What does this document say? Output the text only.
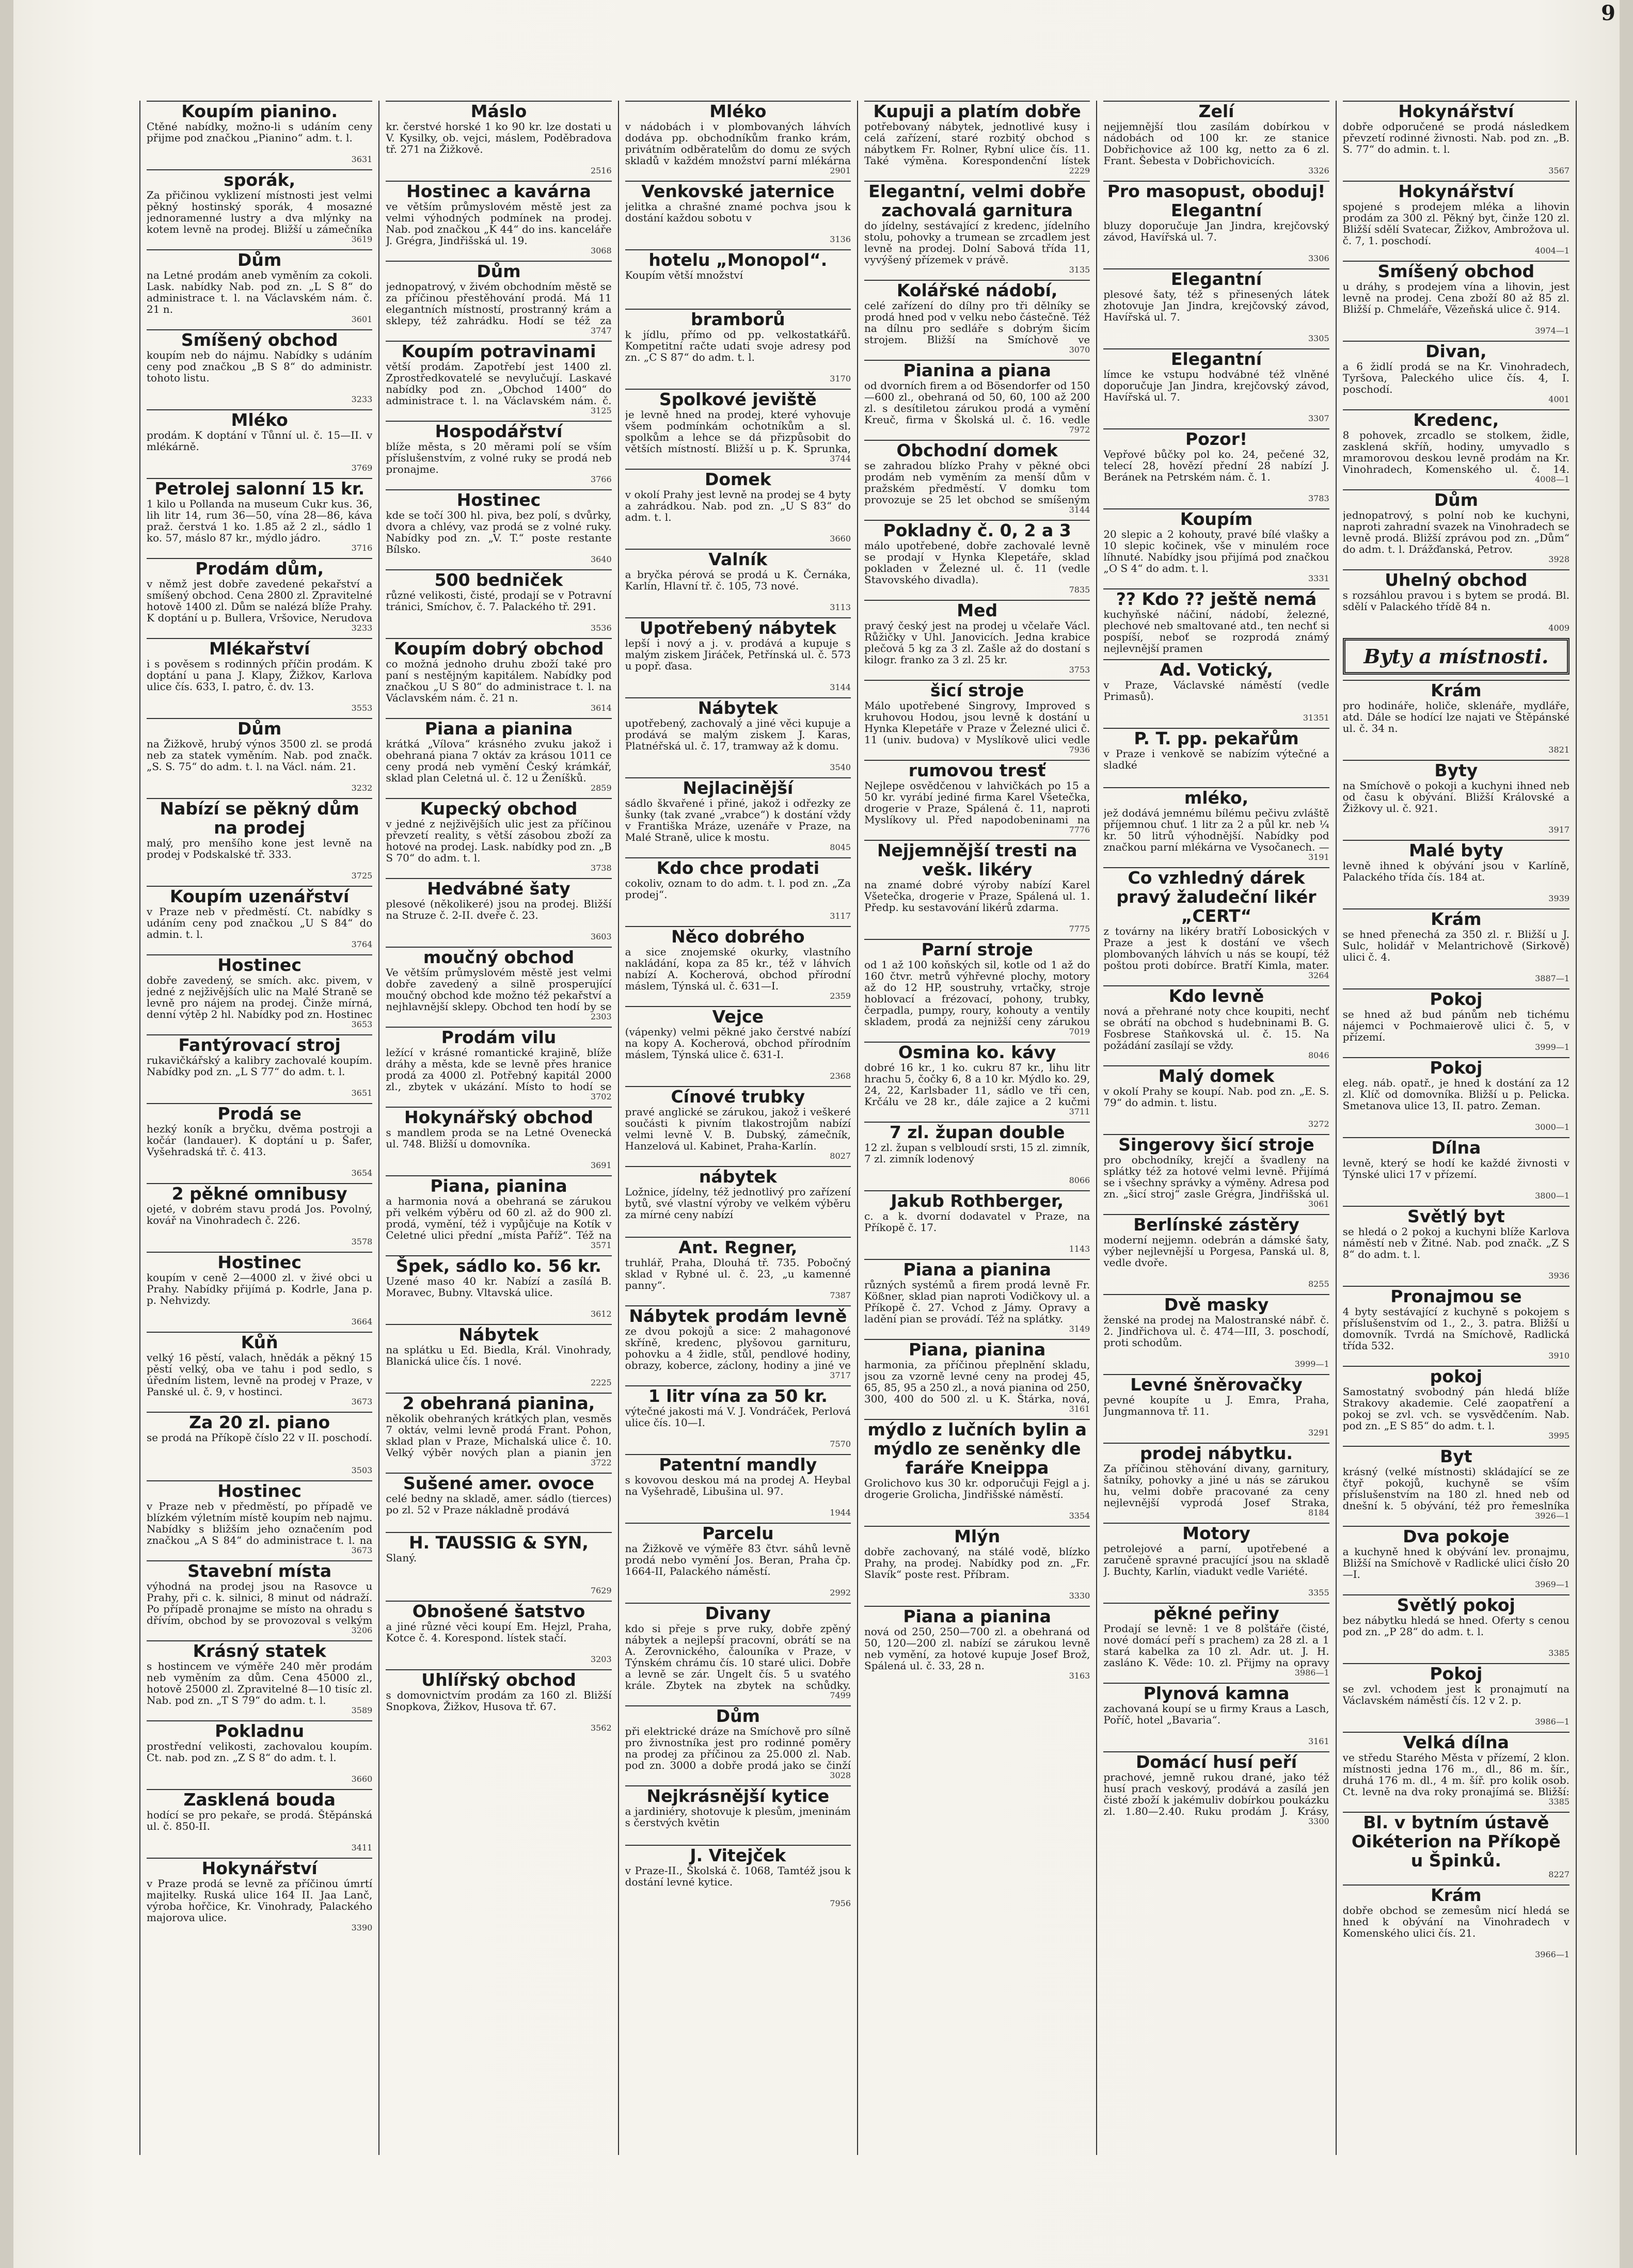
9
Koupím pianino.
Ctěné nabídky, možno-li s udáním ceny přijme pod značkou „Pianino“ adm. t. l.
3631
sporák,
Za přičinou vyklizení místnosti jest velmi pěkný hostinský sporák, 4 mosazné jednoramenné lustry a dva mlýnky na kotem levně na prodej. Bližší u zámečníka
3619
Dům
na Letné prodám aneb vyměním za cokoli. Lask. nabídky Nab. pod zn. „L S 8“ do administrace t. l. na Václavském nám. č. 21 n.
3601
Smíšený obchod
koupím neb do nájmu. Nabídky s udáním ceny pod značkou „B S 8“ do administr. tohoto listu.
3233
Mléko
prodám. K doptání v Tůnní ul. č. 15—II. v mlékárně.
3769
Petrolej salonní 15 kr.
1 kilo u Pollanda na museum Cukr kus. 36, lih litr 14, rum 36—50, vína 28—86, káva praž. čerstvá 1 ko. 1.85 až 2 zl., sádlo 1 ko. 57, máslo 87 kr., mýdlo jádro.
3716
Prodám dům,
v němž jest dobře zavedené pekařství a smíšený obchod. Cena 2800 zl. Zpravitelné hotově 1400 zl. Dům se nalézá blíže Prahy. K doptání u p. Bullera, Vršovice, Nerudova
3233
Mlékařství
i s pověsem s rodinných příčin prodám. K doptání u pana J. Klapy, Žižkov, Karlova ulice čís. 633, I. patro, č. dv. 13.
3553
Dům
na Žižkově, hrubý výnos 3500 zl. se prodá neb za statek vyměním. Nab. pod značk. „S. S. 75“ do adm. t. l. na Václ. nám. 21.
3232
Nabízí se pěkný dům na prodej
malý, pro menšího kone jest levně na prodej v Podskalské tř. 333.
3725
Koupím uzenářství
v Praze neb v předměstí. Ct. nabídky s udáním ceny pod značkou „U S 84“ do admin. t. l.
3764
Hostinec
dobře zavedený, se smích. akc. pivem, v jedné z nejživějších ulic na Malé Straně se levně pro nájem na prodej. Činže mírná, denní výtěp 2 hl. Nabídky pod zn. Hostinec
3653
Fantýrovací stroj
rukavičkářský a kalibry zachovalé koupím. Nabídky pod zn. „L S 77“ do adm. t. l.
3651
Prodá se
hezký koník a bryčku, dvěma postroji a kočár (landauer). K doptání u p. Šafer, Vyšehradská tř. č. 413.
3654
2 pěkné omnibusy
ojeté, v dobrém stavu prodá Jos. Povolný, kovář na Vinohradech č. 226.
3578
Hostinec
koupím v ceně 2—4000 zl. v živé obci u Prahy. Nabídky přijímá p. Kodrle, Jana p. p. Nehvizdy.
3664
Kůň
velký 16 pěstí, valach, hnědák a pěkný 15 pěstí velký, oba ve tahu i pod sedlo, s úředním listem, levně na prodej v Praze, v Panské ul. č. 9, v hostinci.
3673
Za 20 zl. piano
se prodá na Příkopě číslo 22 v II. poschodí.
3503
Hostinec
v Praze neb v předměstí, po případě ve blízkém výletním místě koupím neb najmu. Nabídky s bližším jeho označením pod značkou „A S 84“ do administrace t. l. na
3673
Stavební místa
výhodná na prodej jsou na Rasovce u Prahy, při c. k. silnici, 8 minut od nádraží. Po případě pronajme se místo na ohradu s dřívím, obchod by se provozoval s velkým
3206
Krásný statek
s hostincem ve výměře 240 měr prodám neb vyměním za dům. Cena 45000 zl., hotově 25000 zl. Zpravitelné 8—10 tisíc zl. Nab. pod zn. „T S 79“ do adm. t. l.
3589
Pokladnu
prostřední velikosti, zachovalou koupím. Ct. nab. pod zn. „Z S 8“ do adm. t. l.
3660
Zasklená bouda
hodící se pro pekaře, se prodá. Štěpánská ul. č. 850-II.
3411
Hokynářství
v Praze prodá se levně za příčinou úmrtí majitelky. Ruská ulice 164 II. Jaa Lanč, výroba hořčice, Kr. Vinohrady, Palackého majorova ulice.
3390
Máslo
kr. čerstvé horské 1 ko 90 kr. lze dostati u V. Kysilky, ob. vejci, máslem, Poděbradova tř. 271 na Žižkově.
2516
Hostinec a kavárna
ve větším průmyslovém městě jest za velmi výhodných podmínek na prodej. Nab. pod značkou „K 44“ do ins. kanceláře J. Grégra, Jindřišská ul. 19.
3068
Dům
jednopatrový, v živém obchodním městě se za příčinou přestěhování prodá. Má 11 elegantních místností, prostranný krám a sklepy, též zahrádku. Hodí se též za
3747
Koupím potravinami
větší prodám. Zapotřebí jest 1400 zl. Zprostředkovatelé se nevylučují. Laskavé nabídky pod zn. „Obchod 1400“ do administrace t. l. na Václavském nám. č.
3125
Hospodářství
blíže města, s 20 měrami polí se vším příslušenstvím, z volné ruky se prodá neb pronajme.
3766
Hostinec
kde se točí 300 hl. piva, bez polí, s dvůrky, dvora a chlévy, vaz prodá se z volné ruky. Nabídky pod zn. „V. T.“ poste restante Bílsko.
3640
500 bedniček
různé velikosti, čisté, prodají se v Potravní tránici, Smíchov, č. 7. Palackého tř. 291.
3536
Koupím dobrý obchod
co možná jednoho druhu zboží také pro paní s nestějným kapitálem. Nabídky pod značkou „U S 80“ do administrace t. l. na Václavském nám. č. 21 n.
3614
Piana a pianina
krátká „Vílova“ krásného zvuku jakož i obehraná piana 7 oktáv za krásou 1011 ce ceny prodá neb vymění Český krámkář, sklad plan Celetná ul. č. 12 u Ženíšků.
2859
Kupecký obchod
v jedné z nejživějších ulic jest za příčinou převzetí reality, s větší zásobou zboží za hotové na prodej. Lask. nabídky pod zn. „B S 70“ do adm. t. l.
3738
Hedvábné šaty
plesové (několikeré) jsou na prodej. Bližší na Struze č. 2-II. dveře č. 23.
3603
moučný obchod
Ve větším průmyslovém městě jest velmi dobře zavedený a silně prosperující moučný obchod kde možno též pekařství a nejhlavnější sklepy. Obchod ten hodí by se
2303
Prodám vilu
ležící v krásné romantické krajině, blíže dráhy a města, kde se levně přes hranice prodá za 4000 zl. Potřebný kapitál 2000 zl., zbytek v ukázání. Místo to hodí se
3702
Hokynářský obchod
s mandlem proda se na Letné Ovenecká ul. 748. Bližší u domovníka.
3691
Piana, pianina
a harmonia nová a obehraná se zárukou při velkém výběru od 60 zl. až do 900 zl. prodá, vymění, též i vypůjčuje na Kotík v Celetné ulici přední „místa Paříž“. Též na
3571
Špek, sádlo ko. 56 kr.
Uzené maso 40 kr. Nabízí a zasílá B. Moravec, Bubny. Vltavská ulice.
3612
Nábytek
na splátku u Ed. Biedla, Král. Vinohrady, Blanická ulice čís. 1 nové.
2225
2 obehraná pianina,
několik obehraných krátkých plan, vesměs 7 oktáv, velmi levně prodá Frant. Pohon, sklad plan v Praze, Michalská ulice č. 10. Velký výběr nových plan a pianin jen
3722
Sušené amer. ovoce
celé bedny na skladě, amer. sádlo (tierces) po zl. 52 v Praze nákladně prodává
H. TAUSSIG & SYN,
Slaný.
7629
Obnošené šatstvo
a jiné různé věci koupí Em. Hejzl, Praha, Kotce č. 4. Korespond. lístek stačí.
3203
Uhlířský obchod
s domovnictvím prodám za 160 zl. Bližší Snopkova, Žižkov, Husova tř. 67.
3562
Mléko
v nádobách i v plombovaných láhvích dodáva pp. obchodníkům franko krám, privátním odběratelům do domu ze svých skladů v každém množství parní mlékárna
2901
Venkovské jaternice
jelitka a chrašné znamé pochva jsou k dostání každou sobotu v
3136
hotelu „Monopol“.
Koupím větší množství
bramborů
k jídlu, přímo od pp. velkostatkářů. Kompetitní račte udati svoje adresy pod zn. „C S 87“ do adm. t. l.
3170
Spolkové jeviště
je levně hned na prodej, které vyhovuje všem podmínkám ochotníkům a sl. spolkům a lehce se dá přizpůsobit do větších místností. Bližší u p. K. Sprunka,
3744
Domek
v okolí Prahy jest levně na prodej se 4 byty a zahrádkou. Nab. pod zn. „U S 83“ do adm. t. l.
3660
Valník
a bryčka pérová se prodá u K. Černáka, Karlín, Hlavní tř. č. 105, 73 nové.
3113
Upotřebený nábytek
lepší i nový a j. v. prodává a kupuje s malým ziskem Jiráček, Petřínská ul. č. 573 u popř. ďasa.
3144
Nábytek
upotřebený, zachovalý a jiné věci kupuje a prodává se malým ziskem J. Karas, Platnéřská ul. č. 17, tramway až k domu.
3540
Nejlacinější
sádlo škvařené i přiné, jakož i odřezky ze šunky (tak zvané „vrabce“) k dostání vždy v Františka Mráze, uzenáře v Praze, na Malé Straně, ulice k mostu.
8045
Kdo chce prodati
cokoliv, oznam to do adm. t. l. pod zn. „Za prodej“.
3117
Něco dobrého
a sice znojemské okurky, vlastního nakládání, kopa za 85 kr., též v láhvích nabízí A. Kocherová, obchod přírodní máslem, Týnská ul. č. 631—I.
2359
Vejce
(vápenky) velmi pěkné jako čerstvé nabízí na kopy A. Kocherová, obchod přírodním máslem, Týnská ulice č. 631-I.
2368
Cínové trubky
pravé anglické se zárukou, jakož i veškeré součásti k pivním tlakostrojům nabízí velmi levně V. B. Dubský, zámečník, Hanzelová ul. Kabinet, Praha-Karlín.
8027
nábytek
Ložnice, jídelny, též jednotlivý pro zařízení bytů, své vlastní výroby ve velkém výběru za mírné ceny nabízí
Ant. Regner,
truhlář, Praha, Dlouhá tř. 735. Pobočný sklad v Rybné ul. č. 23, „u kamenné panny“.
7387
Nábytek prodám levně
ze dvou pokojů a sice: 2 mahagonové skříně, kredenc, plyšovou garnituru, pohovku a 4 židle, stůl, pendlové hodiny, obrazy, koberce, záclony, hodiny a jiné ve
3717
1 litr vína za 50 kr.
výtečné jakosti má V. J. Vondráček, Perlová ulice čís. 10—I.
7570
Patentní mandly
s kovovou deskou má na prodej A. Heybal na Vyšehradě, Libušina ul. 97.
1944
Parcelu
na Žižkově ve výměře 83 čtvr. sáhů levně prodá nebo vymění Jos. Beran, Praha čp. 1664-II, Palackého náměstí.
2992
Divany
kdo si přeje s prve ruky, dobře zpěný nábytek a nejlepší pracovní, obrátí se na A. Zerovnického, čalouníka v Praze, v Týnském chrámu čís. 10 staré ulici. Dobře a levně se zár. Ungelt čís. 5 u svatého krále. Zbytek na zbytek na schůdky.
7499
Dům
při elektrické dráze na Smíchově pro sílně pro živnostníka jest pro rodinné poměry na prodej za příčinou za 25.000 zl. Nab. pod zn. 3000 a dobře prodá jako se činží
3028
Nejkrásnější kytice
a jardiniéry, shotovuje k plesům, jmeninám s čerstvých květin
J. Vitejček
v Praze-II., Školská č. 1068, Tamtéž jsou k dostání levné kytice.
7956
Kupuji a platím dobře
potřebovaný nábytek, jednotlivé kusy i celá zařízení, staré rozbitý obchod s nábytkem Fr. Rolner, Rybní ulice čís. 11. Také výměna. Korespondenční lístek
2229
Elegantní, velmi dobře zachovalá garnitura
do jídelny, sestávající z kredenc, jídelního stolu, pohovky a trumean se zrcadlem jest levně na prodej. Dolní Sabová třída 11, vyvýšený přízemek v právě.
3135
Kolářské nádobí,
celé zařízení do dílny pro tři dělníky se prodá hned pod v velku nebo částečně. Též na dílnu pro sedláře s dobrým šicím strojem. Bližší na Smíchově ve
3070
Pianina a piana
od dvorních firem a od Bösendorfer od 150—600 zl., obehraná od 50, 60, 100 až 200 zl. s desítiletou zárukou prodá a vymění Kreuč, firma v Školská ul. č. 16. vedle
7972
Obchodní domek
se zahradou blízko Prahy v pěkné obci prodám neb vyměním za menší dům v pražském předměstí. V domku tom provozuje se 25 let obchod se smíšeným
3144
Pokladny č. 0, 2 a 3
málo upotřebené, dobře zachovalé levně se prodají v Hynka Klepetáře, sklad pokladen v Železné ul. č. 11 (vedle Stavovského divadla).
7835
Med
pravý český jest na prodej u včelaře Václ. Růžičky v Uhl. Janovicích. Jedna krabice plečová 5 kg za 3 zl. Zašle až do dostaní s kilogr. franko za 3 zl. 25 kr.
3753
šicí stroje
Málo upotřebené Singrovy, Improved s kruhovou Hodou, jsou levně k dostání u Hynka Klepetáře v Praze v Železné ulici č. 11 (univ. budova) v Myslíkově ulici vedle
7936
rumovou tresť
Nejlepe osvědčenou v lahvičkách po 15 a 50 kr. vyrábí jediné firma Karel Všetečka, drogerie v Praze, Spálená č. 11, naproti Myslíkovy ul. Před napodobeninami na
7776
Nejjemnější tresti na vešk. likéry
na znamé dobré výroby nabízí Karel Všetečka, drogerie v Praze, Spálená ul. 1. Předp. ku sestavování likérů zdarma.
7775
Parní stroje
od 1 až 100 koňských sil, kotle od 1 až do 160 čtvr. metrů výhřevné plochy, motory až do 12 HP, soustruhy, vrtačky, stroje hoblovací a frézovací, pohony, trubky, čerpadla, pumpy, roury, kohouty a ventily skladem, prodá za nejnižší ceny zárukou
7019
Osmina ko. kávy
dobré 16 kr., 1 ko. cukru 87 kr., lihu litr hrachu 5, čočky 6, 8 a 10 kr. Mýdlo ko. 29, 24, 22, Karlsbader 11, sádlo ve tři cen, Krčálu ve 28 kr., dále zajice a 2 kučmi
3711
7 zl. župan double
12 zl. župan s velbloudí srsti, 15 zl. zimník, 7 zl. zimník lodenový
8066
Jakub Rothberger,
c. a k. dvorní dodavatel v Praze, na Příkopě č. 17.
1143
Piana a pianina
různých systémů a firem prodá levně Fr. Kößner, sklad pian naproti Vodičkovy ul. a Příkopě č. 27. Vchod z Jámy. Opravy a ladění pian se provádí. Též na splátky.
3149
Piana, pianina
harmonia, za příčinou přeplnění skladu, jsou za vzorně levné ceny na prodej 45, 65, 85, 95 a 250 zl., a nová pianina od 250, 300, 400 do 500 zl. u K. Štárka, nová,
3161
mýdlo z lučních bylin a mýdlo ze seněnky dle faráře Kneippa
Grolichovo kus 30 kr. odporučuji Fejgl a j. drogerie Grolicha, Jindřišské náměstí.
3354
Mlýn
dobře zachovaný, na stálé vodě, blízko Prahy, na prodej. Nabídky pod zn. „Fr. Slavík“ poste rest. Příbram.
3330
Piana a pianina
nová od 250, 250—700 zl. a obehraná od 50, 120—200 zl. nabízí se zárukou levně neb vymění, za hotové kupuje Josef Brož, Spálená ul. č. 33, 28 n.
3163
Zelí
nejjemnější tlou zasílám dobírkou v nádobách od 100 kr. ze stanice Dobřichovice až 100 kg, netto za 6 zl. Frant. Šebesta v Dobřichovicích.
3326
Pro masopust, oboduj! Elegantní
bluzy doporučuje Jan Jindra, krejčovský závod, Havířská ul. 7.
3306
Elegantní
plesové šaty, též s přinesených látek zhotovuje Jan Jindra, krejčovský závod, Havířská ul. 7.
3305
Elegantní
límce ke vstupu hodvábné též vlněné doporučuje Jan Jindra, krejčovský závod, Havířská ul. 7.
3307
Pozor!
Vepřové bůčky pol ko. 24, pečené 32, telecí 28, hovězí přední 28 nabízí J. Beránek na Petrském nám. č. 1.
3783
Koupím
20 slepic a 2 kohouty, pravé bílé vlašky a 10 slepic kočinek, vše v minulém roce líhnuté. Nabídky jsou přijímá pod značkou „O S 4“ do adm. t. l.
3331
?? Kdo ?? ještě nemá
kuchyňské náčiní, nádobí, železné, plechové neb smaltované atd., ten nechť si pospíší, neboť se rozprodá známý nejlevnější pramen
Ad. Votický,
v Praze, Václavské náměstí (vedle Primasů).
31351
P. T. pp. pekařům
v Praze i venkově se nabízím výtečné a sladké
mléko,
jež dodává jemnému bílému pečivu zvláště příjemnou chuť. 1 litr za 2 a půl kr. neb ¼ kr. 50 litrů výhodnější. Nabídky pod značkou parní mlékárna ve Vysočanech. —
3191
Co vzhledný dárek pravý žaludeční likér „CERT“
z továrny na likéry bratří Lobosických v Praze a jest k dostání ve všech plombovaných láhvích u nás se koupí, též poštou proti dobírce. Bratří Kimla, mater.
3264
Kdo levně
nová a přehrané noty chce koupiti, nechť se obrátí na obchod s hudebninami B. G. Fosbrese Staňkovská ul. č. 15. Na požádání zasílají se vždy.
8046
Malý domek
v okolí Prahy se koupí. Nab. pod zn. „E. S. 79“ do admin. t. listu.
3272
Singerovy šicí stroje
pro obchodníky, krejčí a švadleny na splátky též za hotové velmi levně. Přijímá se i všechny správky a výměny. Adresa pod zn. „šicí stroj“ zasle Grégra, Jindřišská ul.
3061
Berlínské zástěry
moderní nejjemn. odebrán a dámské šaty, výber nejlevnější u Porgesa, Panská ul. 8, vedle dvoře.
8255
Dvě masky
ženské na prodej na Malostranské nábř. č. 2. Jindřichova ul. č. 474—III, 3. poschodí, proti schodům.
3999—1
Levné šněrovačky
pevné koupíte u J. Emra, Praha, Jungmannova tř. 11.
3291
prodej nábytku.
Za příčinou stěhování divany, garnitury, šatníky, pohovky a jiné u nás se zárukou hu, velmi dobře pracované za ceny nejlevnější vyprodá Josef Straka,
8184
Motory
petrolejové a parní, upotřebené a zaručeně spravné pracující jsou na skladě J. Buchty, Karlín, viadukt vedle Variété.
3355
pěkné peřiny
Prodají se levně: 1 ve 8 polštáře (čisté, nové domácí peří s prachem) za 28 zl. a 1 stará kabelka za 10 zl. Adr. ut. J. H. zasláno K. Věde: 10. zl. Přijmy na opravy
3986—1
Plynová kamna
zachovaná koupí se u firmy Kraus a Lasch, Poříč, hotel „Bavaria“.
3161
Domácí husí peří
prachové, jemně rukou drané, jako též husí prach veskový, prodává a zasílá jen čisté zboží k jakémuliv dobírkou poukázku zl. 1.80—2.40. Ruku prodám J. Krásy,
3300
Hokynářství
dobře odporučené se prodá následkem převzetí rodinné živnosti. Nab. pod zn. „B. S. 77“ do admin. t. l.
3567
Hokynářství
spojené s prodejem mléka a lihovin prodám za 300 zl. Pěkný byt, činže 120 zl. Bližší sdělí Svatecar, Žižkov, Ambrožova ul. č. 7, 1. poschodí.
4004—1
Smíšený obchod
u dráhy, s prodejem vína a lihovin, jest levně na prodej. Cena zboží 80 až 85 zl. Bližší p. Chmeláře, Vězeňská ulice č. 914.
3974—1
Divan,
a 6 židlí prodá se na Kr. Vinohradech, Tyršova, Paleckého ulice čís. 4, I. poschodí.
4001
Kredenc,
8 pohovek, zrcadlo se stolkem, židle, zasklená skříň, hodiny, umyvadlo s mramorovou deskou levně prodám na Kr. Vinohradech, Komenského ul. č. 14.
4008—1
Dům
jednopatrový, s polní nob ke kuchyni, naproti zahradní svazek na Vinohradech se levně prodá. Bližší zprávou pod zn. „Dům“ do adm. t. l. Drážďanská, Petrov.
3928
Uhelný obchod
s rozsáhlou pravou i s bytem se prodá. Bl. sdělí v Palackého třídě 84 n.
4009
Byty a místnosti.
Krám
pro hodináře, holiče, sklenáře, mydláře, atd. Dále se hodící lze najati ve Štěpánské ul. č. 34 n.
3821
Byty
na Smíchově o pokoji a kuchyni ihned neb od času k obývání. Bližší Královské a Žižkovy ul. č. 921.
3917
Malé byty
levně ihned k obývání jsou v Karlíně, Palackého třída čís. 184 at.
3939
Krám
se hned přenechá za 350 zl. r. Bližší u J. Sulc, holidář v Melantrichově (Sirkově) ulici č. 4.
3887—1
Pokoj
se hned až bud pánům neb tichému nájemci v Pochmaierově ulici č. 5, v přízemí.
3999—1
Pokoj
eleg. náb. opatř., je hned k dostání za 12 zl. Klíč od domovníka. Bližší u p. Pelicka. Smetanova ulice 13, II. patro. Zeman.
3000—1
Dílna
levně, který se hodí ke každé živnosti v Týnské ulici 17 v přízemí.
3800—1
Světlý byt
se hledá o 2 pokoj a kuchyni blíže Karlova náměstí neb v Žitné. Nab. pod značk. „Z S 8“ do adm. t. l.
3936
Pronajmou se
4 byty sestávající z kuchyně s pokojem s příslušenstvím od 1., 2., 3. patra. Bližší u domovník. Tvrdá na Smíchově, Radlická třída 532.
3910
pokoj
Samostatný svobodný pán hledá blíže Strakovy akademie. Celé zaopatření a pokoj se zvl. vch. se vysvědčením. Nab. pod zn. „E S 85“ do adm. t. l.
3995
Byt
krásný (velké místnosti) skládající se ze čtyř pokojů, kuchyně se vším příslušenstvím na 180 zl. hned neb od dnešní k. 5 obývání, též pro řemeslníka
3926—1
Dva pokoje
a kuchyně hned k obývání lev. pronajmu, Bližší na Smíchově v Radlické ulici čísło 20—I.
3969—1
Světlý pokoj
bez nábytku hledá se hned. Oferty s cenou pod zn. „P 28“ do adm. t. l.
3385
Pokoj
se zvl. vchodem jest k pronajmutí na Václavském náměstí čís. 12 v 2. p.
3986—1
Velká dílna
ve středu Starého Města v přízemí, 2 klon. místnosti jedna 176 m., dl., 86 m. šír., druhá 176 m. dl., 4 m. šíř. pro kolik osob. Ct. levně na dva roky pronajímá se. Bližší:
3385
Bl. v bytním ústavě Oikéterion na Příkopě u Špinků.
8227
Krám
dobře obchod se zemesům nicí hledá se hned k obývání na Vinohradech v Komenského ulici čís. 21.
3966—1
